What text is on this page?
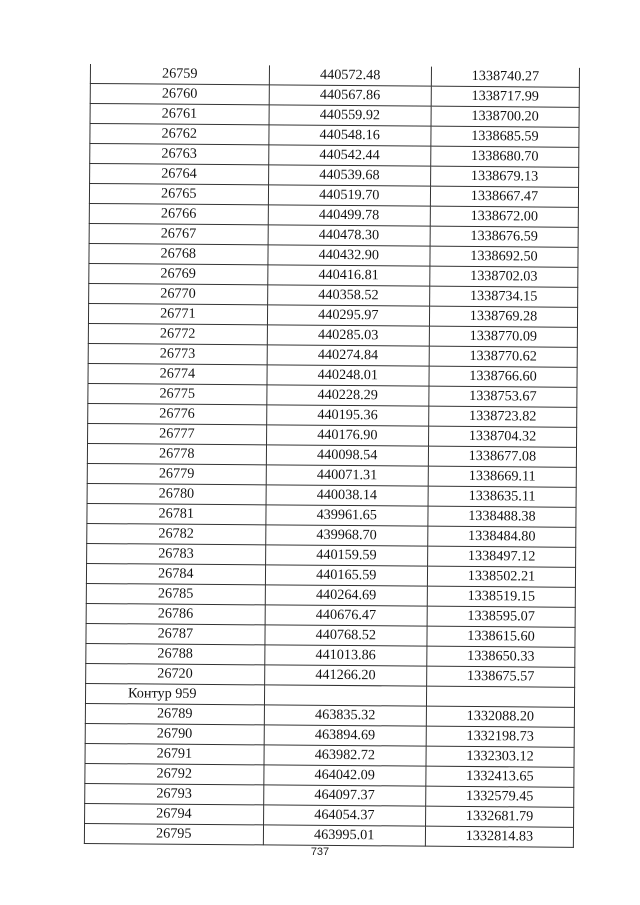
26759	440572.48	1338740.27
26760	440567.86	1338717.99
26761	440559.92	1338700.20
26762	440548.16	1338685.59
26763	440542.44	1338680.70
26764	440539.68	1338679.13
26765	440519.70	1338667.47
26766	440499.78	1338672.00
26767	440478.30	1338676.59
26768	440432.90	1338692.50
26769	440416.81	1338702.03
26770	440358.52	1338734.15
26771	440295.97	1338769.28
26772	440285.03	1338770.09
26773	440274.84	1338770.62
26774	440248.01	1338766.60
26775	440228.29	1338753.67
26776	440195.36	1338723.82
26777	440176.90	1338704.32
26778	440098.54	1338677.08
26779	440071.31	1338669.11
26780	440038.14	1338635.11
26781	439961.65	1338488.38
26782	439968.70	1338484.80
26783	440159.59	1338497.12
26784	440165.59	1338502.21
26785	440264.69	1338519.15
26786	440676.47	1338595.07
26787	440768.52	1338615.60
26788	441013.86	1338650.33
26720	441266.20	1338675.57
Контур 959		
26789	463835.32	1332088.20
26790	463894.69	1332198.73
26791	463982.72	1332303.12
26792	464042.09	1332413.65
26793	464097.37	1332579.45
26794	464054.37	1332681.79
26795	463995.01	1332814.83
737
